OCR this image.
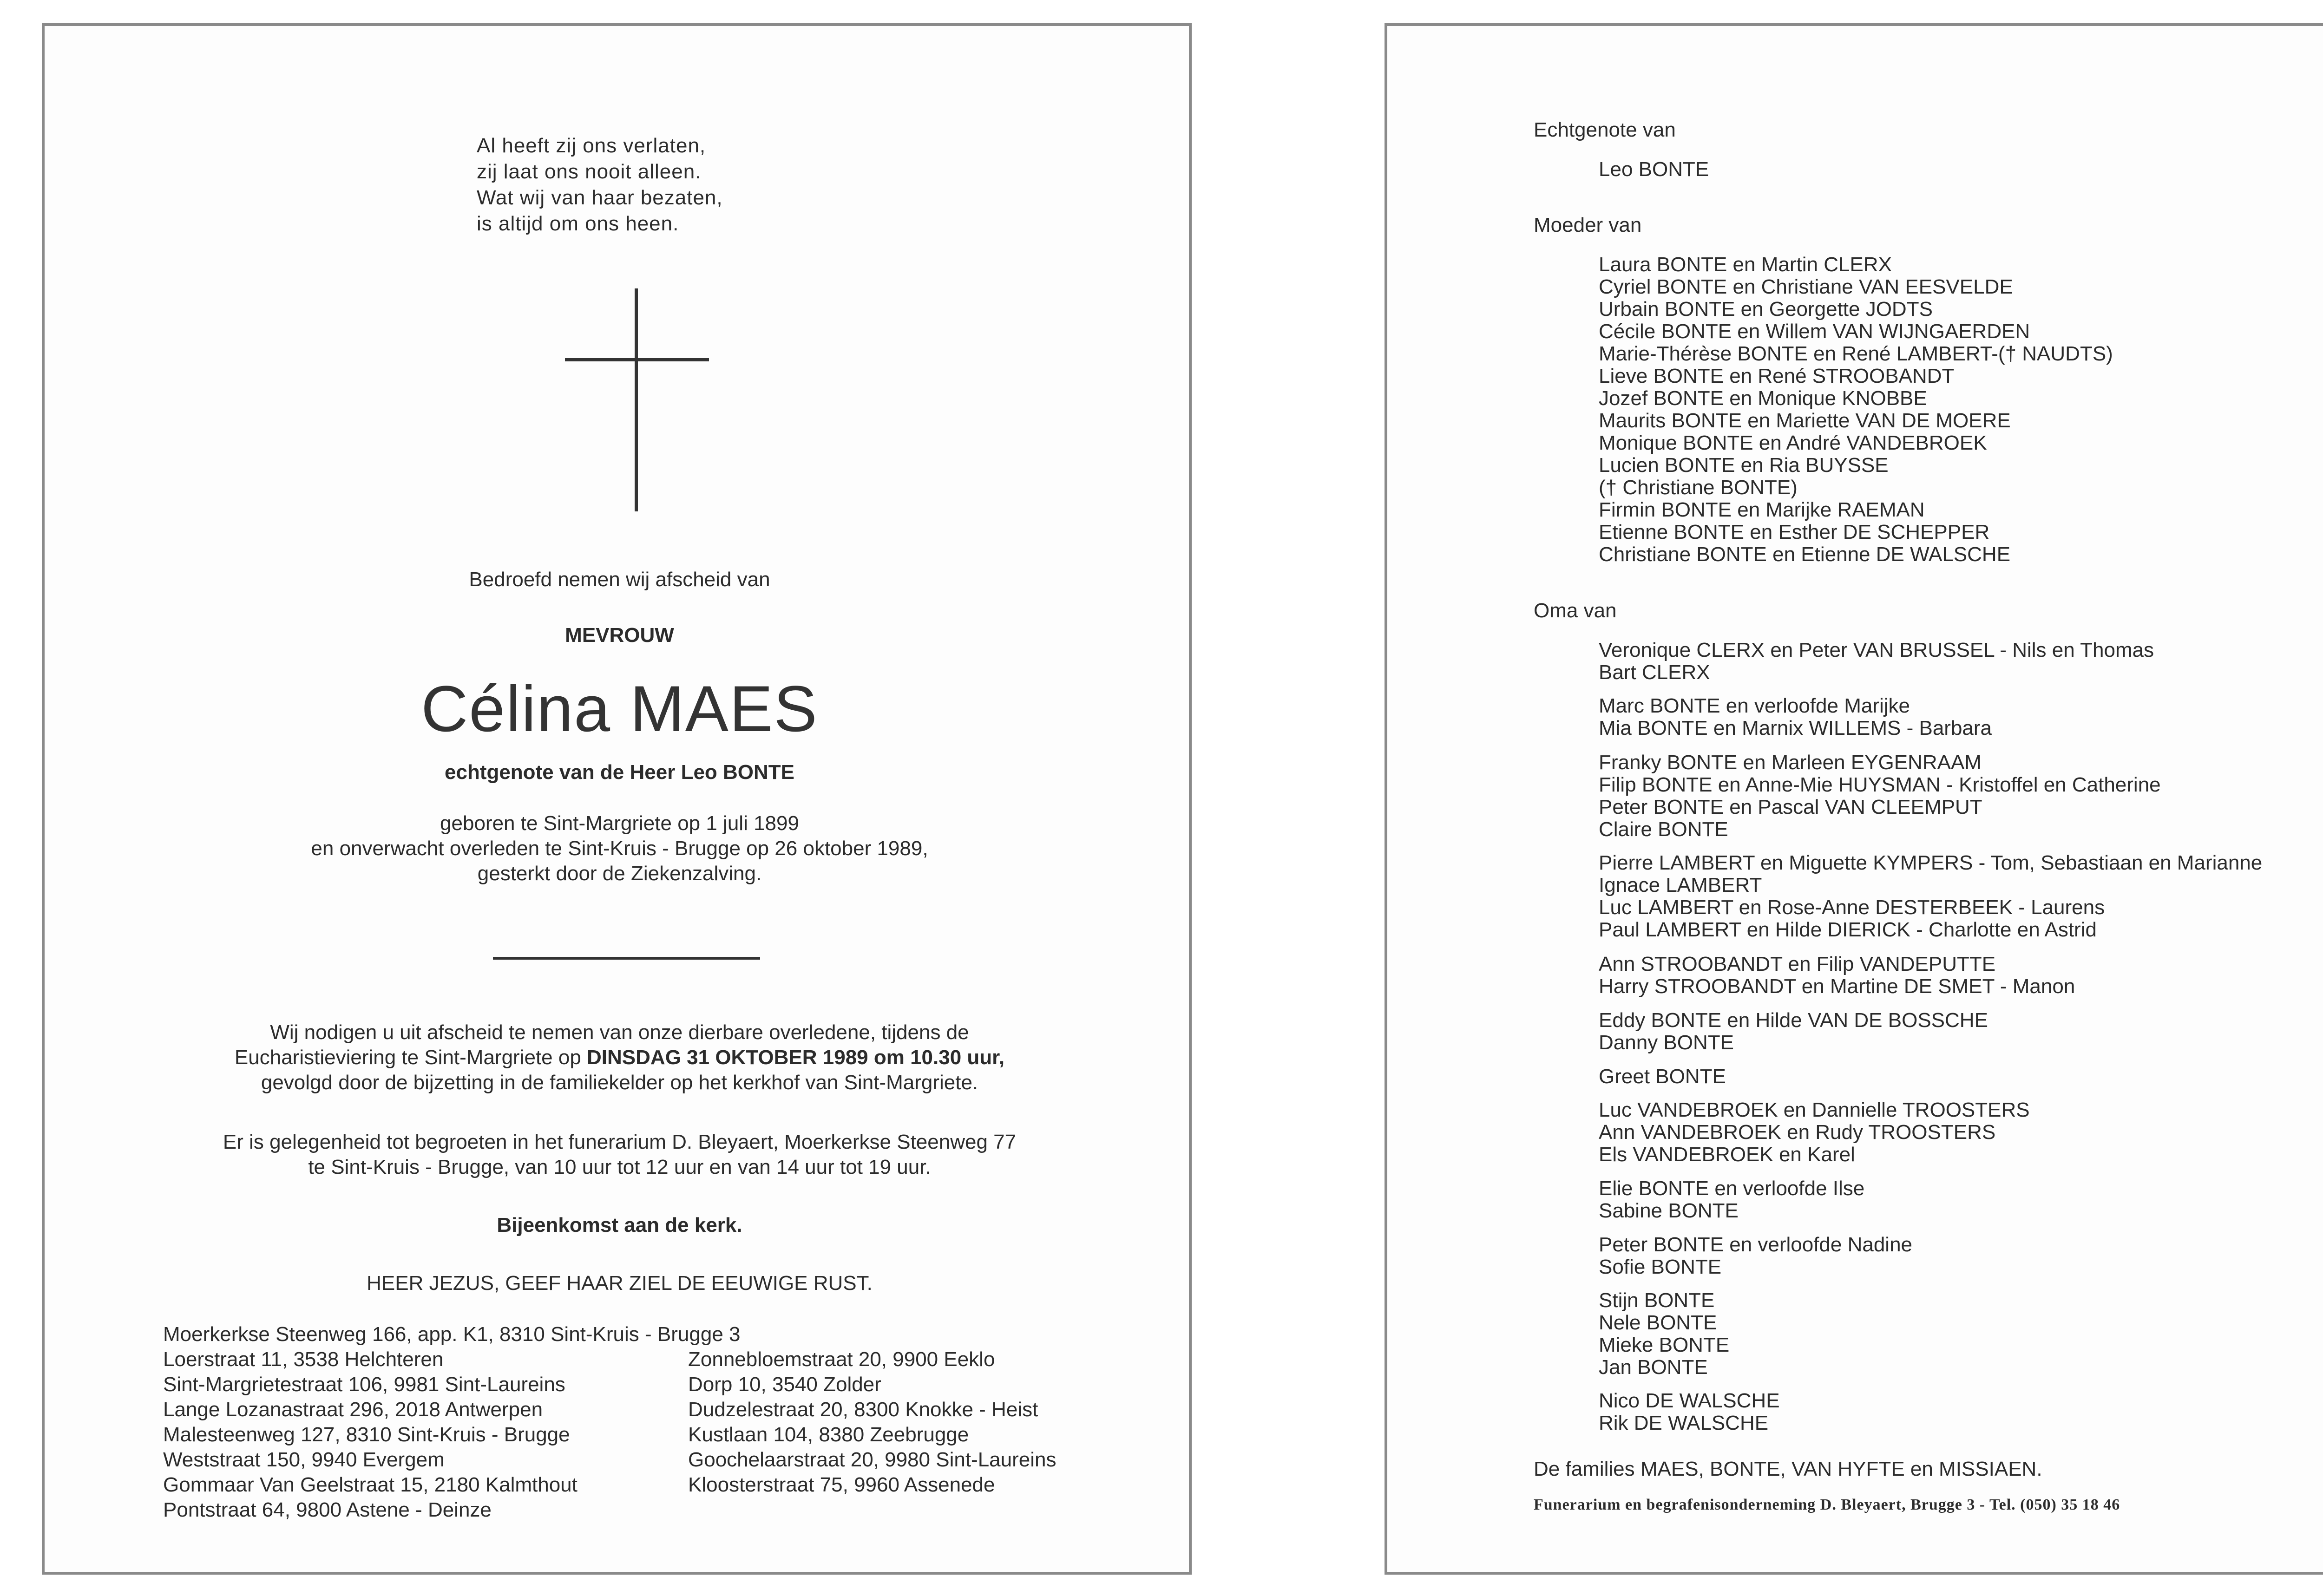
Al heeft zij ons verlaten,
zij laat ons nooit alleen.
Wat wij van haar bezaten,
is altijd om ons heen.
Bedroefd nemen wij afscheid van
MEVROUW
Célina MAES
echtgenote van de Heer Leo BONTE
geboren te Sint-Margriete op 1 juli 1899
en onverwacht overleden te Sint-Kruis - Brugge op 26 oktober 1989,
gesterkt door de Ziekenzalving.
Wij nodigen u uit afscheid te nemen van onze dierbare overledene, tijdens de
Eucharistieviering te Sint-Margriete op DINSDAG 31 OKTOBER 1989 om 10.30 uur,
gevolgd door de bijzetting in de familiekelder op het kerkhof van Sint-Margriete.
Er is gelegenheid tot begroeten in het funerarium D. Bleyaert, Moerkerkse Steenweg 77
te Sint-Kruis - Brugge, van 10 uur tot 12 uur en van 14 uur tot 19 uur.
Bijeenkomst aan de kerk.
HEER JEZUS, GEEF HAAR ZIEL DE EEUWIGE RUST.
Moerkerkse Steenweg 166, app. K1, 8310 Sint-Kruis - Brugge 3
Loerstraat 11, 3538 Helchteren
Sint-Margrietestraat 106, 9981 Sint-Laureins
Lange Lozanastraat 296, 2018 Antwerpen
Malesteenweg 127, 8310 Sint-Kruis - Brugge
Weststraat 150, 9940 Evergem
Gommaar Van Geelstraat 15, 2180 Kalmthout
Pontstraat 64, 9800 Astene - Deinze
Zonnebloemstraat 20, 9900 Eeklo
Dorp 10, 3540 Zolder
Dudzelestraat 20, 8300 Knokke - Heist
Kustlaan 104, 8380 Zeebrugge
Goochelaarstraat 20, 9980 Sint-Laureins
Kloosterstraat 75, 9960 Assenede
Echtgenote van
Leo BONTE
Moeder van
Laura BONTE en Martin CLERX
Cyriel BONTE en Christiane VAN EESVELDE
Urbain BONTE en Georgette JODTS
Cécile BONTE en Willem VAN WIJNGAERDEN
Marie-Thérèse BONTE en René LAMBERT-(† NAUDTS)
Lieve BONTE en René STROOBANDT
Jozef BONTE en Monique KNOBBE
Maurits BONTE en Mariette VAN DE MOERE
Monique BONTE en André VANDEBROEK
Lucien BONTE en Ria BUYSSE
(† Christiane BONTE)
Firmin BONTE en Marijke RAEMAN
Etienne BONTE en Esther DE SCHEPPER
Christiane BONTE en Etienne DE WALSCHE
Oma van
Veronique CLERX en Peter VAN BRUSSEL - Nils en Thomas
Bart CLERX
Marc BONTE en verloofde Marijke
Mia BONTE en Marnix WILLEMS - Barbara
Franky BONTE en Marleen EYGENRAAM
Filip BONTE en Anne-Mie HUYSMAN - Kristoffel en Catherine
Peter BONTE en Pascal VAN CLEEMPUT
Claire BONTE
Pierre LAMBERT en Miguette KYMPERS - Tom, Sebastiaan en Marianne
Ignace LAMBERT
Luc LAMBERT en Rose-Anne DESTERBEEK - Laurens
Paul LAMBERT en Hilde DIERICK - Charlotte en Astrid
Ann STROOBANDT en Filip VANDEPUTTE
Harry STROOBANDT en Martine DE SMET - Manon
Eddy BONTE en Hilde VAN DE BOSSCHE
Danny BONTE
Greet BONTE
Luc VANDEBROEK en Dannielle TROOSTERS
Ann VANDEBROEK en Rudy TROOSTERS
Els VANDEBROEK en Karel
Elie BONTE en verloofde Ilse
Sabine BONTE
Peter BONTE en verloofde Nadine
Sofie BONTE
Stijn BONTE
Nele BONTE
Mieke BONTE
Jan BONTE
Nico DE WALSCHE
Rik DE WALSCHE
De families MAES, BONTE, VAN HYFTE en MISSIAEN.
Funerarium en begrafenisonderneming D. Bleyaert, Brugge 3 - Tel. (050) 35 18 46
